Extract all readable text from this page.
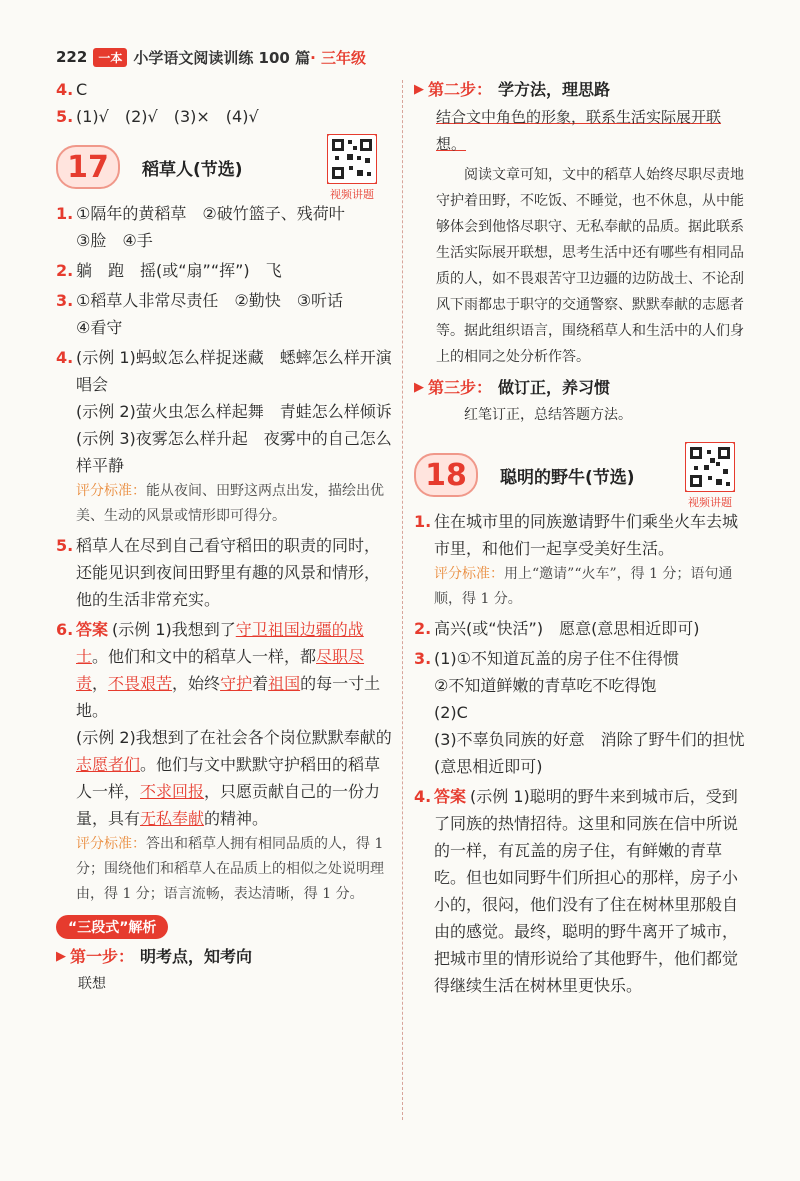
222 一本 小学语文阅读训练 100 篇 · 三年级

4. C

5. (1)√　(2)√　(3)×　(4)√

17	稻草人(节选)
视频讲题
1. ①隔年的黄稻草　②破竹篮子、残荷叶
③脸　④手
2. 躺　跑　摇(或“扇”“挥”)　飞
3. ①稻草人非常尽责任　②勤快　③听话
④看守
4. (示例 1)蚂蚁怎么样捉迷藏　蟋蟀怎么样开演唱会
(示例 2)萤火虫怎么样起舞　青蛙怎么样倾诉
(示例 3)夜雾怎么样升起　夜雾中的自己怎么样平静

评分标准：能从夜间、田野这两点出发，描绘出优美、生动的风景或情形即可得分。

5. 稻草人在尽到自己看守稻田的职责的同时，还能见识到夜间田野里有趣的风景和情形，他的生活非常充实。
6. 答案 (示例 1)我想到了守卫祖国边疆的战士。他们和文中的稻草人一样，都尽职尽责，不畏艰苦，始终守护着祖国的每一寸土地。
(示例 2)我想到了在社会各个岗位默默奉献的志愿者们。他们与文中默默守护稻田的稻草人一样，不求回报，只愿贡献自己的一份力量，具有无私奉献的精神。

评分标准：答出和稻草人拥有相同品质的人，得 1 分；围绕他们和稻草人在品质上的相似之处说明理由，得 1 分；语言流畅，表达清晰，得 1 分。

“三段式”解析

▶ 第一步： 明考点，知考向

联想

▶ 第二步： 学方法，理思路

结合文中角色的形象，联系生活实际展开联想。

阅读文章可知，文中的稻草人始终尽职尽责地守护着田野，不吃饭、不睡觉，也不休息，从中能够体会到他恪尽职守、无私奉献的品质。据此联系生活实际展开联想，思考生活中还有哪些有相同品质的人，如不畏艰苦守卫边疆的边防战士、不论刮风下雨都忠于职守的交通警察、默默奉献的志愿者等。据此组织语言，围绕稻草人和生活中的人们身上的相同之处分析作答。

▶ 第三步： 做订正，养习惯

红笔订正，总结答题方法。

18	聪明的野牛(节选)
视频讲题
1. 住在城市里的同族邀请野牛们乘坐火车去城市里，和他们一起享受美好生活。

评分标准：用上“邀请”“火车”，得 1 分；语句通顺，得 1 分。

2. 高兴(或“快活”)　愿意(意思相近即可)
3. (1)①不知道瓦盖的房子住不住得惯
②不知道鲜嫩的青草吃不吃得饱
(2)C
(3)不辜负同族的好意　消除了野牛们的担忧(意思相近即可)
4. 答案 (示例 1)聪明的野牛来到城市后，受到了同族的热情招待。这里和同族在信中所说的一样，有瓦盖的房子住，有鲜嫩的青草吃。但也如同野牛们所担心的那样，房子小小的，很闷，他们没有了住在树林里那般自由的感觉。最终，聪明的野牛离开了城市，把城市里的情形说给了其他野牛，他们都觉得继续生活在树林里更快乐。
